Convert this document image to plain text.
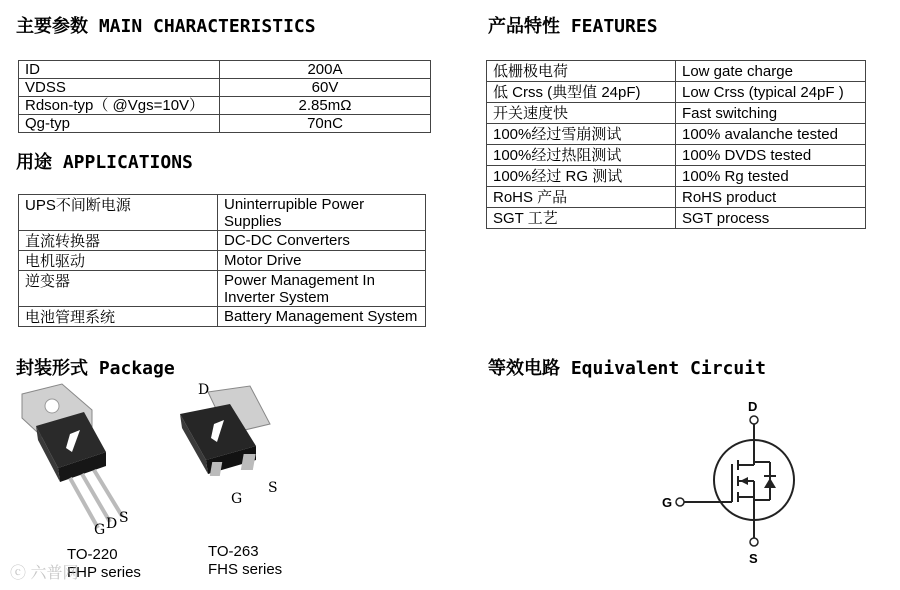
主要参数 MAIN CHARACTERISTICS	产品特性 FEATURES
用途 APPLICATIONS
封装形式 Package	等效电路 Equivalent Circuit
ID	200A
VDSS	60V
Rdson-typ（ @Vgs=10V）	2.85mΩ
Qg-typ	70nC
低栅极电荷	Low gate charge
低 Crss (典型值 24pF)	Low Crss (typical 24pF )
开关速度快	Fast switching
100%经过雪崩测试	100% avalanche tested
100%经过热阻测试	100% DVDS tested
100%经过 RG 测试	100% Rg tested
RoHS 产品	RoHS product
SGT 工艺	SGT process
UPS不间断电源	Uninterrupible Power Supplies
直流转换器	DC-DC Converters
电机驱动	Motor Drive
逆变器	Power Management In Inverter System
电池管理系统	Battery Management System
G D S
TO-220
FHP series
D
G
S
TO-263
FHS series
D
G
S
ⓒ 六普网
